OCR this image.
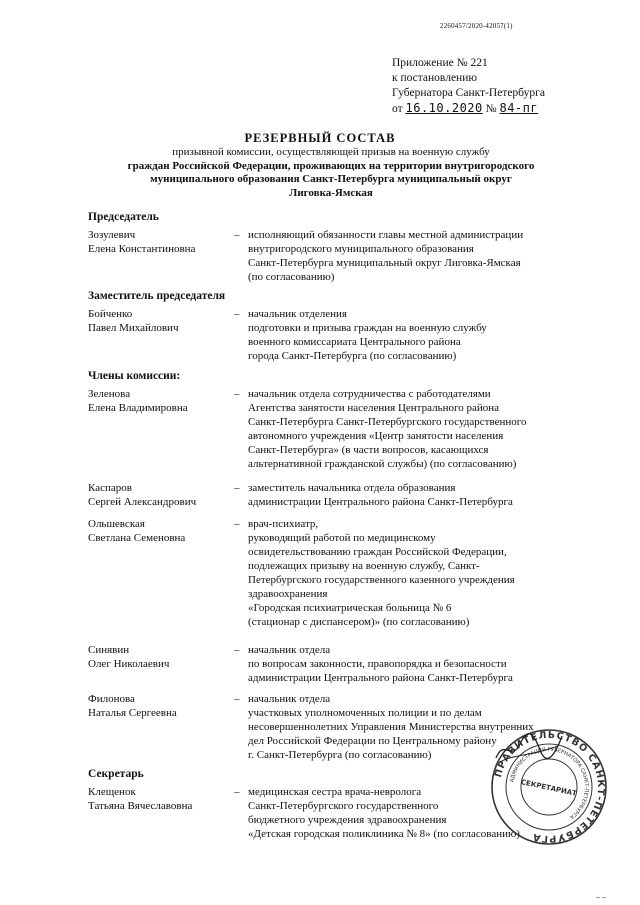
2260457/2020-42057(1)
Приложение № 221
к постановлению
Губернатора Санкт-Петербурга
от 16.10.2020 № 84-пг
РЕЗЕРВНЫЙ СОСТАВ
призывной комиссии, осуществляющей призыв на военную службу
граждан Российской Федерации, проживающих на территории внутригородского
муниципального образования Санкт-Петербурга муниципальный округ
Лиговка-Ямская
Председатель
Заместитель председателя
Члены комиссии:
Секретарь
Зозулевич
Елена Константиновна
– исполняющий обязанности главы местной администрации
внутригородского муниципального образования
Санкт-Петербурга муниципальный округ Лиговка-Ямская
(по согласованию)
Бойченко
Павел Михайлович
– начальник отделения
подготовки и призыва граждан на военную службу
военного комиссариата Центрального района
города Санкт-Петербурга (по согласованию)
Зеленова
Елена Владимировна
– начальник отдела сотрудничества с работодателями
Агентства занятости населения Центрального района
Санкт-Петербурга Санкт-Петербургского государственного
автономного учреждения «Центр занятости населения
Санкт-Петербурга» (в части вопросов, касающихся
альтернативной гражданской службы) (по согласованию)
Каспаров
Сергей Александрович
– заместитель начальника отдела образования
администрации Центрального района Санкт-Петербурга
Ольшевская
Светлана Семеновна
– врач-психиатр,
руководящий работой по медицинскому
освидетельствованию граждан Российской Федерации,
подлежащих призыву на военную службу, Санкт-
Петербургского государственного казенного учреждения
здравоохранения
«Городская психиатрическая больница № 6
(стационар с диспансером)» (по согласованию)
Синявин
Олег Николаевич
– начальник отдела
по вопросам законности, правопорядка и безопасности
администрации Центрального района Санкт-Петербурга
Филонова
Наталья Сергеевна
– начальник отдела
участковых уполномоченных полиции и по делам
несовершеннолетних Управления Министерства внутренних
дел Российской Федерации по Центральному району
г. Санкт-Петербурга (по согласованию)
Клещенок
Татьяна Вячеславовна
– медицинская сестра врача-невролога
Санкт-Петербургского государственного
бюджетного учреждения здравоохранения
«Детская городская поликлиника № 8» (по согласованию)
ПРАВИТЕЛЬСТВО САНКТ-ПЕТЕРБУРГА
АДМИНИСТРАЦИЯ ГУБЕРНАТОРА САНКТ-ПЕТЕРБУРГА
СЕКРЕТАРИАТ
– –
